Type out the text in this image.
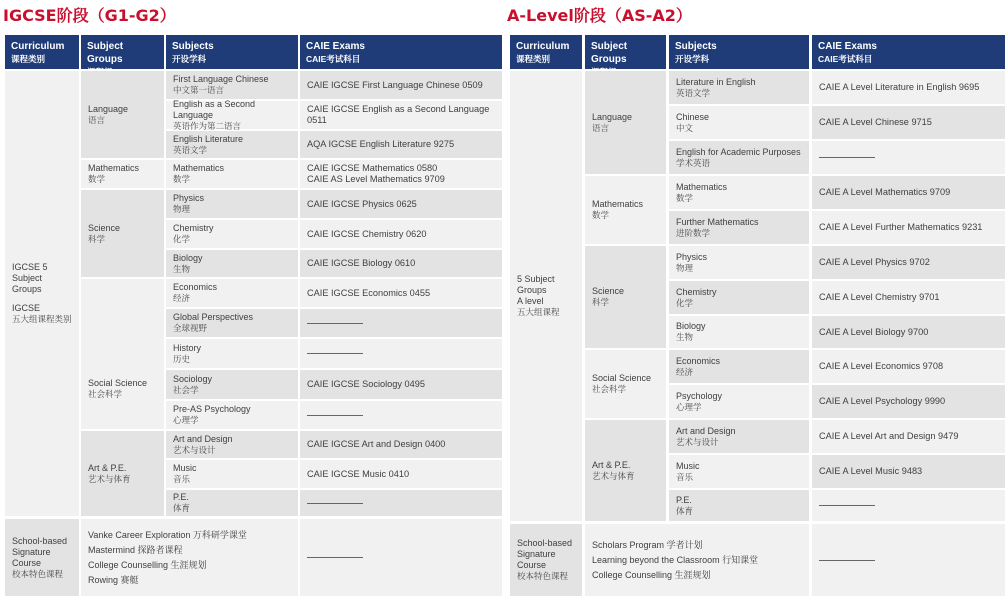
IGCSE阶段（G1-G2）
Curriculum
课程类别
Subject Groups
Subjects
开设学科
CAIE Exams
CAIE考试科目
IGCSE 5 Subject Groups
IGCSE
五大组课程类别
Language
语言
Mathematics
数学
Science
科学
Social Science
社会科学
Art & P.E.
艺术与体育
First Language Chinese
中文第一语言
CAIE IGCSE First Language Chinese 0509
English as a Second Language
英语作为第二语言
CAIE IGCSE English as a Second Language 0511
English Literature
英语文学
AQA IGCSE English Literature 9275
Mathematics
数学
CAIE IGCSE Mathematics 0580
CAIE AS Level Mathematics 9709
Physics
物理
CAIE IGCSE Physics 0625
Chemistry
化学
CAIE IGCSE Chemistry 0620
Biology
生物
CAIE IGCSE Biology 0610
Economics
经济
CAIE IGCSE Economics 0455
Global Perspectives
全球视野
History
历史
Sociology
社会学
CAIE IGCSE Sociology 0495
Pre-AS Psychology
心理学
Art and Design
艺术与设计
CAIE IGCSE Art and Design 0400
Music
音乐
CAIE IGCSE Music 0410
P.E.
体育
School-based
Signature
Course
校本特色课程
Vanke Career Exploration 万科研学课堂
Mastermind 探路者课程
College Counselling 生涯规划
Rowing 赛艇
A-Level阶段（AS-A2）
Curriculum
课程类别
Subject Groups
Subjects
开设学科
CAIE Exams
CAIE考试科目
5 Subject
Groups
A level
五大组课程
Language
语言
Mathematics
数学
Science
科学
Social Science
社会科学
Art & P.E.
艺术与体育
Literature in English
英语文学
CAIE A Level Literature in English 9695
Chinese
中文
CAIE A Level Chinese 9715
English for Academic Purposes
学术英语
Mathematics
数学
CAIE A Level Mathematics 9709
Further Mathematics
进阶数学
CAIE A Level Further Mathematics 9231
Physics
物理
CAIE A Level Physics 9702
Chemistry
化学
CAIE A Level Chemistry 9701
Biology
生物
CAIE A Level Biology 9700
Economics
经济
CAIE A Level Economics 9708
Psychology
心理学
CAIE A Level Psychology 9990
Art and Design
艺术与设计
CAIE A Level Art and Design 9479
Music
音乐
CAIE A Level Music 9483
P.E.
体育
School-based
Signature
Course
校本特色课程
Scholars Program 学者计划
Learning beyond the Classroom 行知课堂
College Counselling 生涯规划
